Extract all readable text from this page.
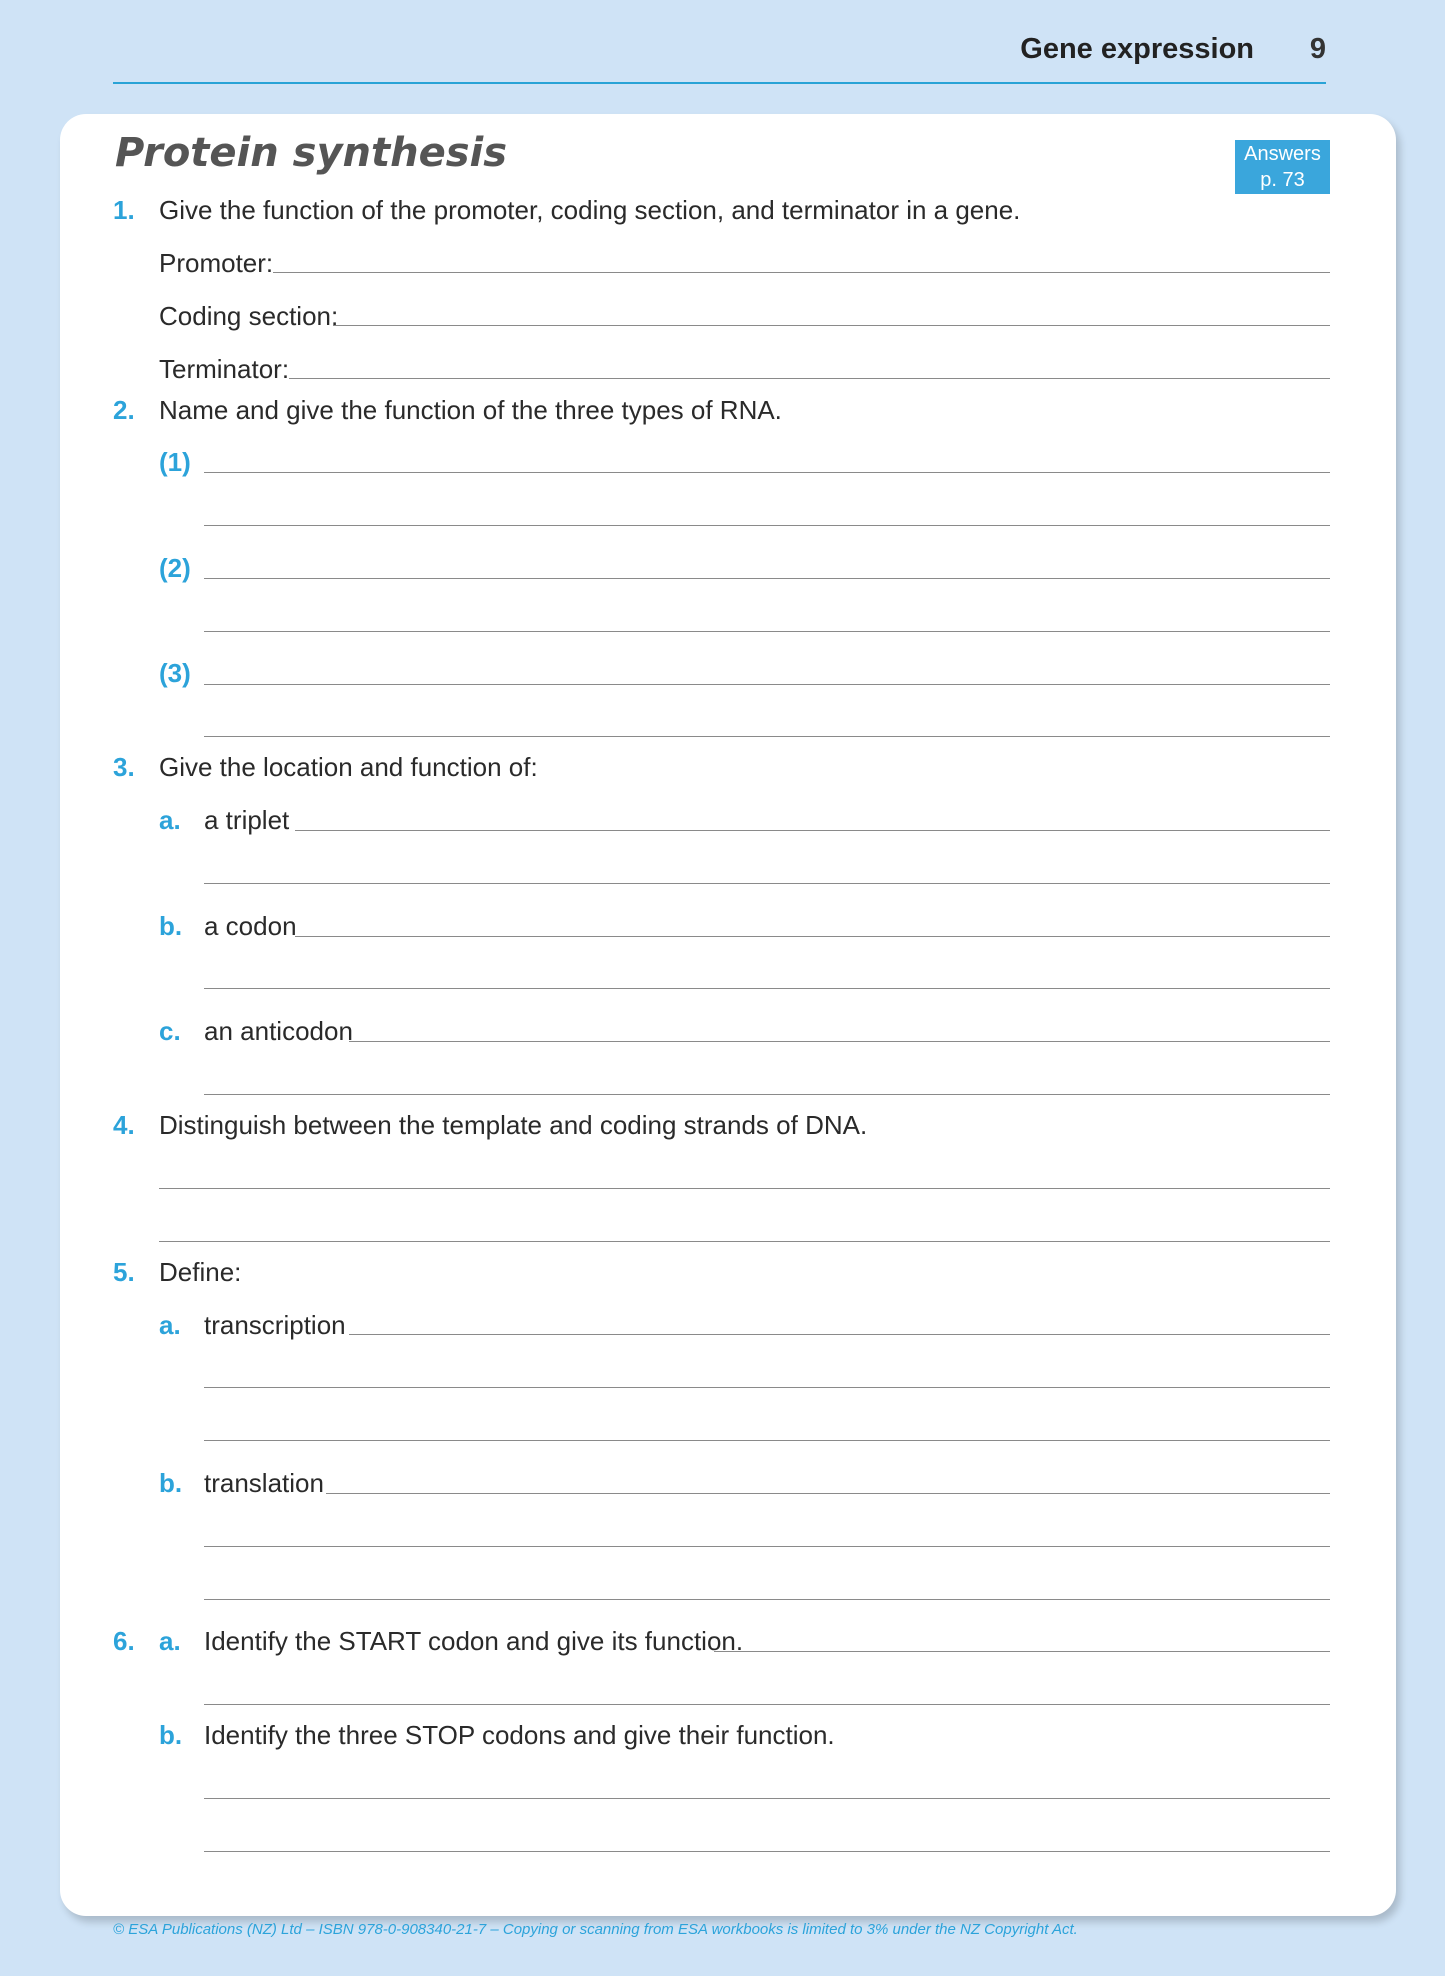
Gene expression 9
Protein synthesis	Answers
p. 73
1. Give the function of the promoter, coding section, and terminator in a gene.
Promoter:
Coding section:
Terminator:
2. Name and give the function of the three types of RNA.
(1)
(2)
(3)
3. Give the location and function of:
a. a triplet
b. a codon
c. an anticodon
4. Distinguish between the template and coding strands of DNA.
5. Define:
a. transcription
b. translation
6. a. Identify the START codon and give its function.
b. Identify the three STOP codons and give their function.
© ESA Publications (NZ) Ltd – ISBN 978-0-908340-21-7 – Copying or scanning from ESA workbooks is limited to 3% under the NZ Copyright Act.
